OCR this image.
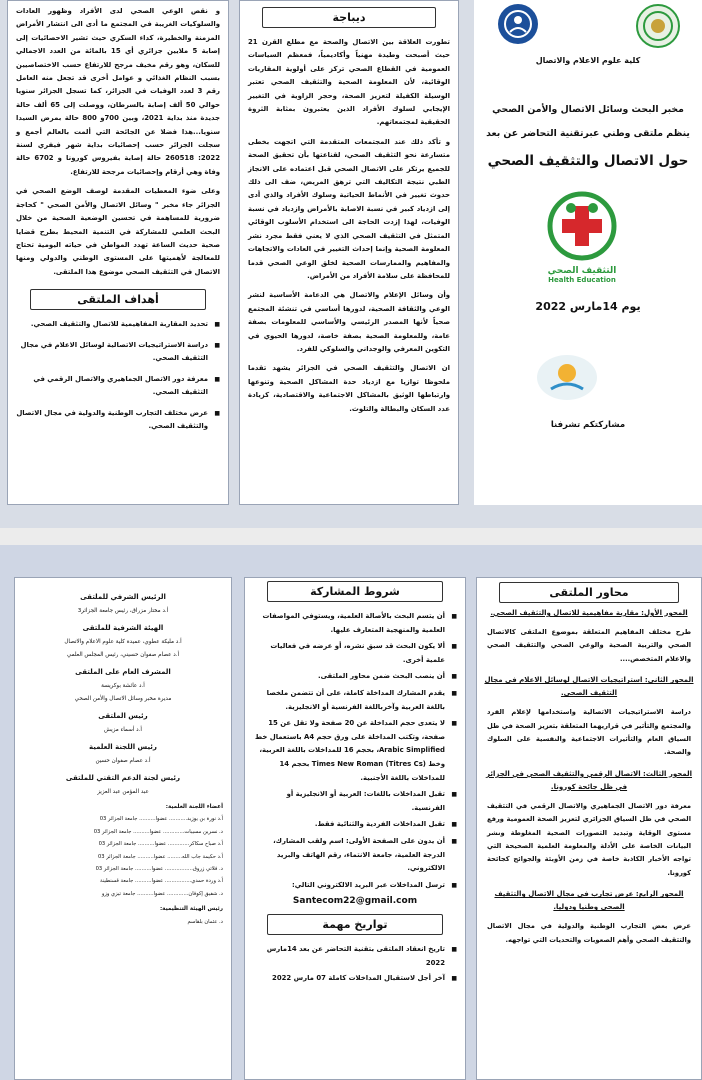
و نقص الوعي الصحي لدى الأفراد وظهور العادات والسلوكيات الغريبة في المجتمع ما أدى الى انتشار الأمراض المزمنة والخطيرة، كداء السكري حيث تشير الاحصائيات إلى إصابة 5 ملايين جزائري أي 15 بالمائة من العدد الاجمالي للسكان، وهو رقم مخيف مرجح للارتفاع حسب الاختصاصيين بسبب النظام الغذائي و عوامل أخرى قد تجعل منه العامل رقم 3 لعدد الوفيات في الجزائر، كما تسجل الجزائر سنويا حوالي 50 ألف إصابة بالسرطان، ووصلت إلى 65 ألف حالة جديدة منذ بداية 2021، وبين 700و 800 حالة بمرض السيدا سنويا...هذا فضلا عن الجائحة التي ألمت بالعالم أجمع و سجلت الجزائر حسب إحصائيات بداية شهر فيفري لسنة 2022: 260518 حالة إصابة بفيروس كورونا و 6702 حالة وفاة وهي أرقام وإحصائيات مرجحة للارتفاع.

وعلى ضوء المعطيات المقدمة لوصف الوضع الصحي في الجزائر جاء مخبر " وسائل الاتصال والأمن الصحي " كحاجة ضرورية للمساهمة في تحسين الوضعية الصحية من خلال البحث العلمي للمشاركة في التنمية المحيط بطرح قضايا صحية حديث الساعة تهدد المواطن في حياته اليومية تحتاج للمعالجة لأهميتها على المستوى الوطني والدولي ومنها الاتصال في التثقيف الصحي موضوع هذا الملتقى.

أهداف الملتقى
■ تحديد المقاربة المفاهيمية للاتصال والتثقيف الصحي.
■ دراسة الاستراتيجيات الاتصالية لوسائل الاعلام في مجال التثقيف الصحي.
■ معرفة دور الاتصال الجماهيري والاتصال الرقمي في التثقيف الصحي.
■ عرض مختلف التجارب الوطنية والدولية في مجال الاتصال والتثقيف الصحي.
ديباجة

تطورت العلاقة بين الاتصال والصحة مع مطلع القرن 21 حيث أصبحت وطيدة مهنياً وأكاديمياً، فمعظم السياسات العمومية في القطاع الصحي تركز على أولوية المقاربات الوقائية، لأن المعلومة الصحية والتثقيف الصحي تعتبر الوسيلة الكفيلة لتعزيز الصحة، وحجر الزاوية في التغيير الإيجابي لسلوك الأفراد الذين يعتبرون بمثابة الثروة الحقيقية لمجتمعاتهم.

و تأكد ذلك عند المجتمعات المتقدمة التي اتجهت بخطى متسارعة نحو التثقيف الصحي، لقناعتها بأن تحقيق الصحة للجميع يرتكز على الاتصال الصحي قبل اعتماده على الانجاز الطبي نتيجة التكاليف التي ترهق المريض، ضف الى ذلك حدوث تغيير في الأنماط الحياتية وسلوك الأفراد والذي أدى إلى ازدياد كبير في نسبة الاصابة بالأمراض وازدياد في نسبة الوفيات، لهذا إزدت الحاجة الى استخدام الأسلوب الوقائي المتمثل في التثقيف الصحي الذي لا يعني فقط مجرد نشر المعلومة الصحية وإنما إحداث التغيير في العادات والاتجاهات والمفاهيم والممارسات الصحية لخلق الوعي الصحي قدما للمحافظة على سلامة الأفراد من الأمراض.

وأن وسائل الإعلام والاتصال هي الدعامة الأساسية لنشر الوعي والثقافة الصحية، لدورها أساسي في تنشئة المجتمع صحياً لأنها المصدر الرئيسي والأساسي للمعلومات بصفة عامة، وللمعلومة الصحية بصفة خاصة، لدورها الحيوي في التكوين المعرفي والوجداني والسلوكي للفرد.

ان الاتصال والتثقيف الصحي في الجزائر يشهد تقدما ملحوظا توازيا مع ازدياد حدة المشاكل الصحية وتنوعها وارتباطها الوثيق بالمشاكل الاجتماعية والاقتصادية، كزيادة عدد السكان والبطالة والتلوث.

كلية علوم الاعلام والاتصال
مخبر البحث وسائل الاتصال والأمن الصحي
ينظم ملتقى وطني عبرتقنية التحاضر عن بعد
حول الاتصال والتثقيف الصحي
التثقيف الصحي
Health Education
يوم 14مارس 2022
مشاركتكم تشرفنا
الرئيس الشرفي للملتقى
أ.د مختار مزراق، رئيس جامعة الجزائر3
الهيئة الشرفية للملتقى
أ.د مليكة عطوي، عميدة كلية علوم الاعلام والاتصال
أ.د عصام صفوان حسيني، رئيس المجلس العلمي
المشرف العام على الملتقى
أ.د عائشة بوكريسة
مديرة مخبر وسائل الاتصال والأمن الصحي
رئيس الملتقى
أ.د أسماء مزيش
رئيس اللجنة العلمية
أ.د عصام صفوان حسين
رئيس لجنة الدعم التقني للملتقى
عبد المؤمن عبد العزيز
أعضاء اللجنة العلمية:
أ.د نورة بن يوزيد........... عضوا.......... جامعة الجزائر 03
د. نسرين مسيبات............. عضوا.......... جامعة الجزائر 03
أ.د صباح سكاكر............. عضوا.......... جامعة الجزائر 03
أ.د حكيمة جاب الله......... عضوا.......... جامعة الجزائر 03
د. فلاتي زروق................. عضوا.......... جامعة الجزائر 03
أ.د وردة حمدي................ عضوا.......... جامعة قسنطينة
د. شفيق إكوفان............. عضوا.......... جامعة تيزي وزو
رئيس الهيئة التنظيمية:
د. عثمان بلقاسم
شروط المشاركة
■ أن يتسم البحث بالأصالة العلمية، ويستوفي المواصفات العلمية والمنهجية المتعارف عليها.
■ ألا يكون البحث قد سبق نشره، أو عرضه في فعاليات علمية أخرى.
■ أن ينصب البحث ضمن محاور الملتقى.
■ يقدم المشارك المداخلة كاملة، على أن تتضمن ملخصا باللغة العربية وآخرباللغة الفرنسية أو الانجليزية.
■ لا يتعدى حجم المداخلة عن 20 صفحة ولا تقل عن 15 صفحة، وتكتب المداخلة على ورق حجم A4 باستعمال خط Arabic Simplified، بحجم 16 للمداخلات باللغة العربية، وخط Times New Roman (Titres Cs) بحجم 14 للمداخلات باللغة الأجنبية.
■ تقبل المداخلات باللغات: العربية أو الانجليزية أو الفرنسية.
■ تقبل المداخلات الفردية والثنائية فقط.
■ أن يدون على الصفحة الأولى: اسم ولقب المشارك، الدرجة العلمية، جامعة الانتماء، رقم الهاتف والبريد الالكتروني.
■ ترسل المداخلات عبر البريد الالكتروني التالي:
Santecom22@gmail.com
تواريخ مهمة
■ تاريخ انعقاد الملتقى بتقنية التحاضر عن بعد 14مارس 2022
■ آخر أجل لاستقبال المداخلات كاملة 07 مارس 2022
محاور الملتقى
المحور الأول: مقاربة مفاهيمية للاتصال والتثقيف الصحي.

طرح مختلف المفاهيم المتعلقة بموضوع الملتقى كالاتصال الصحي والتربية الصحية والوعي الصحي والتثقيف الصحي والاعلام المتخصص....

المحور الثاني: استراتيجيات الاتصال لوسائل الاعلام في مجال التثقيف الصحي.

دراسة الاستراتيجيات الاتصالية واستخدامها لإعلام الفرد والمجتمع والتأثير في قراريهما المتعلقة بتعزيز الصحة في ظل السياق العام والتأثيرات الاجتماعية والنفسية على السلوك والصحة.

المحور الثالث: الاتصال الرقمي والتثقيف الصحي في الجزائر في ظل جائحة كورونا.

معرفة دور الاتصال الجماهيري والاتصال الرقمي في التثقيف الصحي في ظل السياق الجزائري لتعزيز الصحة العمومية ورفع مستوى الوقاية وتبديد التصورات الصحية المغلوطة ونشر البيانات الخاصة على الأدلة والمعلومة العلمية الصحيحة التي تواجه الأخبار الكاذبة خاصة في زمن الأوبئة والجوائح كجائحة كورونا.

المحور الرابع: عرض تجارب في مجال الاتصال والتثقيف الصحي وطنيا ودوليا.

عرض بعض التجارب الوطنية والدولية في مجال الاتصال والتثقيف الصحي وأهم الصعوبات والتحديات التي تواجهه.
